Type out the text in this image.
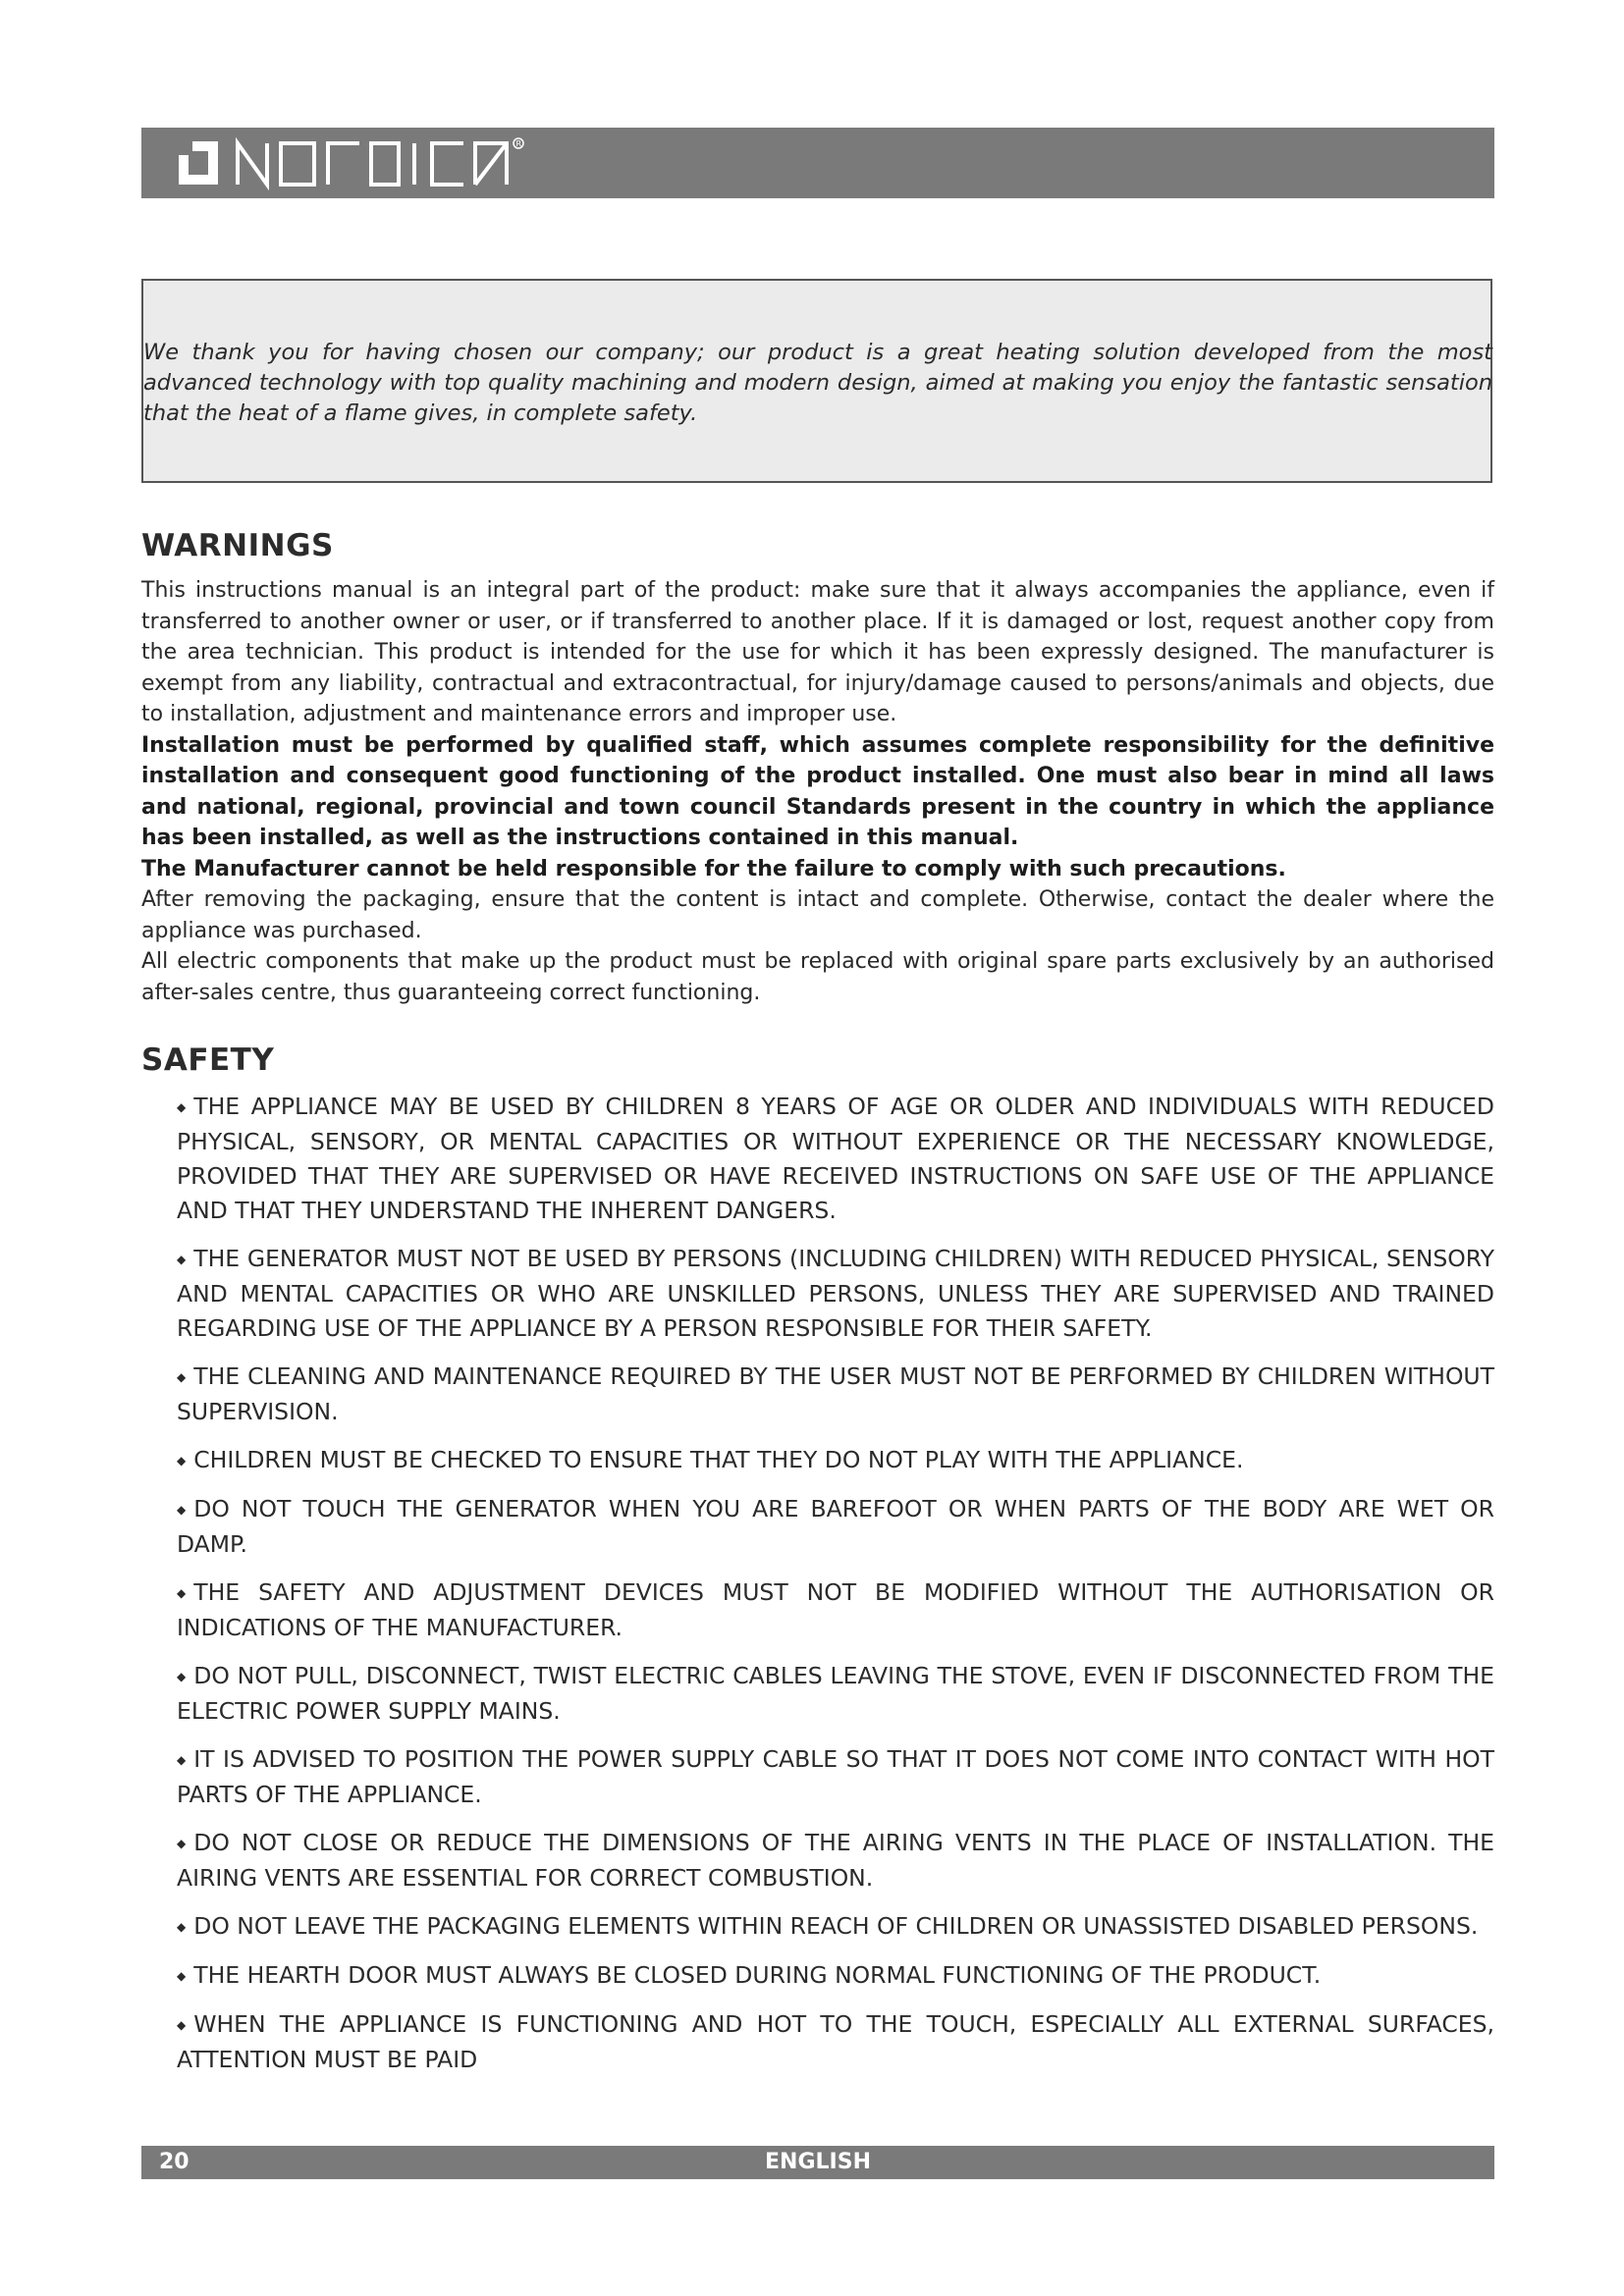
R

We thank you for having chosen our company; our product is a great heating solution developed from the most advanced technology with top quality machining and modern design, aimed at making you enjoy the fantastic sensation that the heat of a flame gives, in complete safety.

WARNINGS

This instructions manual is an integral part of the product: make sure that it always accompanies the appliance, even if transferred to another owner or user, or if transferred to another place. If it is damaged or lost, request another copy from the area technician. This product is intended for the use for which it has been expressly designed. The manufacturer is exempt from any liability, contractual and extracontractual, for injury/damage caused to persons/animals and objects, due to installation, adjustment and maintenance errors and improper use.

Installation must be performed by qualified staff, which assumes complete responsibility for the definitive installation and consequent good functioning of the product installed. One must also bear in mind all laws and national, regional, provincial and town council Standards present in the country in which the appliance has been installed, as well as the instructions contained in this manual.

The Manufacturer cannot be held responsible for the failure to comply with such precautions.

After removing the packaging, ensure that the content is intact and complete. Otherwise, contact the dealer where the appliance was purchased.

All electric components that make up the product must be replaced with original spare parts exclusively by an authorised after-sales centre, thus guaranteeing correct functioning.

SAFETY
◆ THE APPLIANCE MAY BE USED BY CHILDREN 8 YEARS OF AGE OR OLDER AND INDIVIDUALS WITH REDUCED PHYSICAL, SENSORY, OR MENTAL CAPACITIES OR WITHOUT EXPERIENCE OR THE NECESSARY KNOWLEDGE, PROVIDED THAT THEY ARE SUPERVISED OR HAVE RECEIVED INSTRUCTIONS ON SAFE USE OF THE APPLIANCE AND THAT THEY UNDERSTAND THE INHERENT DANGERS.
◆ THE GENERATOR MUST NOT BE USED BY PERSONS (INCLUDING CHILDREN) WITH REDUCED PHYSICAL, SENSORY AND MENTAL CAPACITIES OR WHO ARE UNSKILLED PERSONS, UNLESS THEY ARE SUPERVISED AND TRAINED REGARDING USE OF THE APPLIANCE BY A PERSON RESPONSIBLE FOR THEIR SAFETY.
◆ THE CLEANING AND MAINTENANCE REQUIRED BY THE USER MUST NOT BE PERFORMED BY CHILDREN WITHOUT SUPERVISION.
◆ CHILDREN MUST BE CHECKED TO ENSURE THAT THEY DO NOT PLAY WITH THE APPLIANCE.
◆ DO NOT TOUCH THE GENERATOR WHEN YOU ARE BAREFOOT OR WHEN PARTS OF THE BODY ARE WET OR DAMP.
◆ THE SAFETY AND ADJUSTMENT DEVICES MUST NOT BE MODIFIED WITHOUT THE AUTHORISATION OR INDICATIONS OF THE MANUFACTURER.
◆ DO NOT PULL, DISCONNECT, TWIST ELECTRIC CABLES LEAVING THE STOVE, EVEN IF DISCONNECTED FROM THE ELECTRIC POWER SUPPLY MAINS.
◆ IT IS ADVISED TO POSITION THE POWER SUPPLY CABLE SO THAT IT DOES NOT COME INTO CONTACT WITH HOT PARTS OF THE APPLIANCE.
◆ DO NOT CLOSE OR REDUCE THE DIMENSIONS OF THE AIRING VENTS IN THE PLACE OF INSTALLATION. THE AIRING VENTS ARE ESSENTIAL FOR CORRECT COMBUSTION.
◆ DO NOT LEAVE THE PACKAGING ELEMENTS WITHIN REACH OF CHILDREN OR UNASSISTED DISABLED PERSONS.
◆ THE HEARTH DOOR MUST ALWAYS BE CLOSED DURING NORMAL FUNCTIONING OF THE PRODUCT.
◆ WHEN THE APPLIANCE IS FUNCTIONING AND HOT TO THE TOUCH, ESPECIALLY ALL EXTERNAL SURFACES, ATTENTION MUST BE PAID
20	ENGLISH
